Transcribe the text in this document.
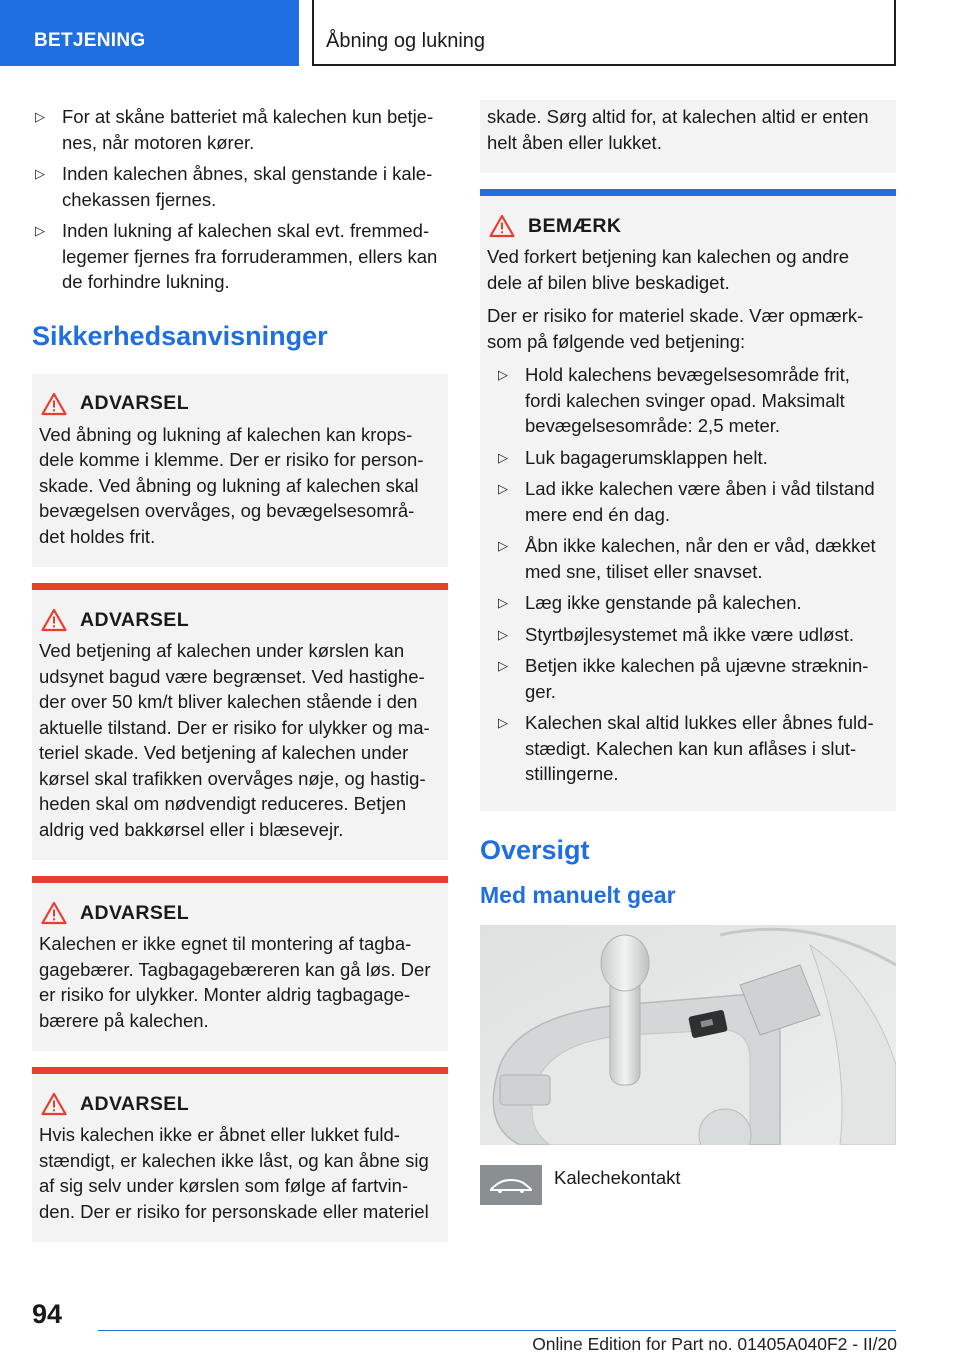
BETJENING	Åbning og lukning
▷ For at skåne batteriet må kalechen kun betje-nes, når motoren kører.
▷ Inden kalechen åbnes, skal genstande i kale-chekassen fjernes.
▷ Inden lukning af kalechen skal evt. fremmed-legemer fjernes fra forruderammen, ellers kan de forhindre lukning.
Sikkerhedsanvisninger
ADVARSEL

Ved åbning og lukning af kalechen kan krops-dele komme i klemme. Der er risiko for person-skade. Ved åbning og lukning af kalechen skal bevægelsen overvåges, og bevægelsesområ-det holdes frit.

ADVARSEL

Ved betjening af kalechen under kørslen kan udsynet bagud være begrænset. Ved hastighe-der over 50 km/t bliver kalechen stående i den aktuelle tilstand. Der er risiko for ulykker og ma-teriel skade. Ved betjening af kalechen under kørsel skal trafikken overvåges nøje, og hastig-heden skal om nødvendigt reduceres. Betjen aldrig ved bakkørsel eller i blæsevejr.

ADVARSEL

Kalechen er ikke egnet til montering af tagba-gagebærer. Tagbagagebæreren kan gå løs. Der er risiko for ulykker. Monter aldrig tagbagage-bærere på kalechen.

ADVARSEL

Hvis kalechen ikke er åbnet eller lukket fuld-stændigt, er kalechen ikke låst, og kan åbne sig af sig selv under kørslen som følge af fartvin-den. Der er risiko for personskade eller materiel

skade. Sørg altid for, at kalechen altid er enten helt åben eller lukket.

BEMÆRK

Ved forkert betjening kan kalechen og andre dele af bilen blive beskadiget.

Der er risiko for materiel skade. Vær opmærk-som på følgende ved betjening:

▷ Hold kalechens bevægelsesområde frit, fordi kalechen svinger opad. Maksimalt bevægelsesområde: 2,5 meter.
▷ Luk bagagerumsklappen helt.
▷ Lad ikke kalechen være åben i våd tilstand mere end én dag.
▷ Åbn ikke kalechen, når den er våd, dækket med sne, tiliset eller snavset.
▷ Læg ikke genstande på kalechen.
▷ Styrtbøjlesystemet må ikke være udløst.
▷ Betjen ikke kalechen på ujævne stræknin-ger.
▷ Kalechen skal altid lukkes eller åbnes fuld-stædigt. Kalechen kan kun aflåses i slut-stillingerne.
Oversigt
Med manuelt gear
Kalechekontakt
94
Online Edition for Part no. 01405A040F2 - II/20
